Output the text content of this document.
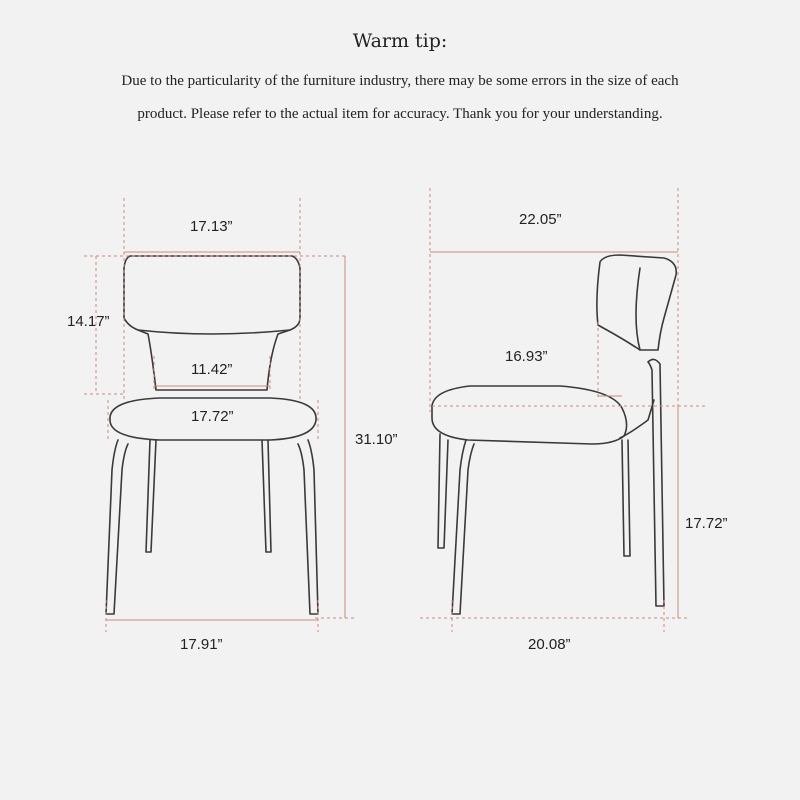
Warm tip:
Due to the particularity of the furniture industry, there may be some errors in the size of each
product. Please refer to the actual item for accuracy. Thank you for your understanding.
17.13”
14.17”
11.42”
17.72”
31.10”
17.91”
22.05”
16.93”
17.72”
20.08”
